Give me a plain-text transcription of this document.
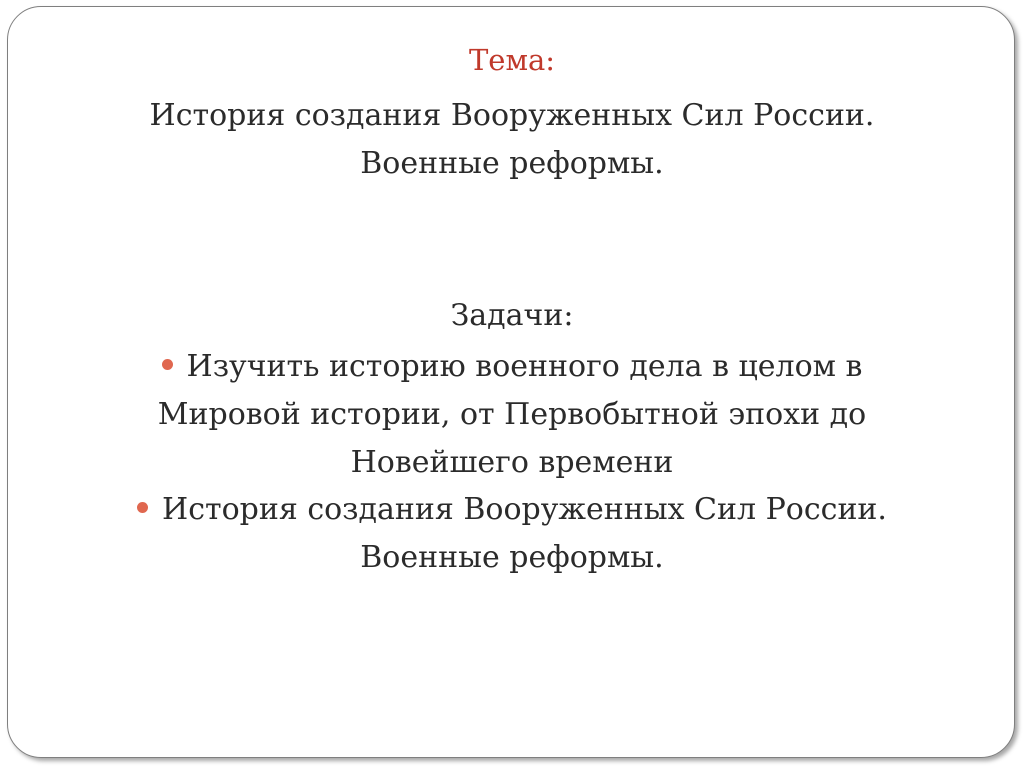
Тема:
История создания Вооруженных Сил России.
Военные реформы.
Задачи:
Изучить историю военного дела в целом в
Мировой истории, от Первобытной эпохи до
Новейшего времени
История создания Вооруженных Сил России.
Военные реформы.
